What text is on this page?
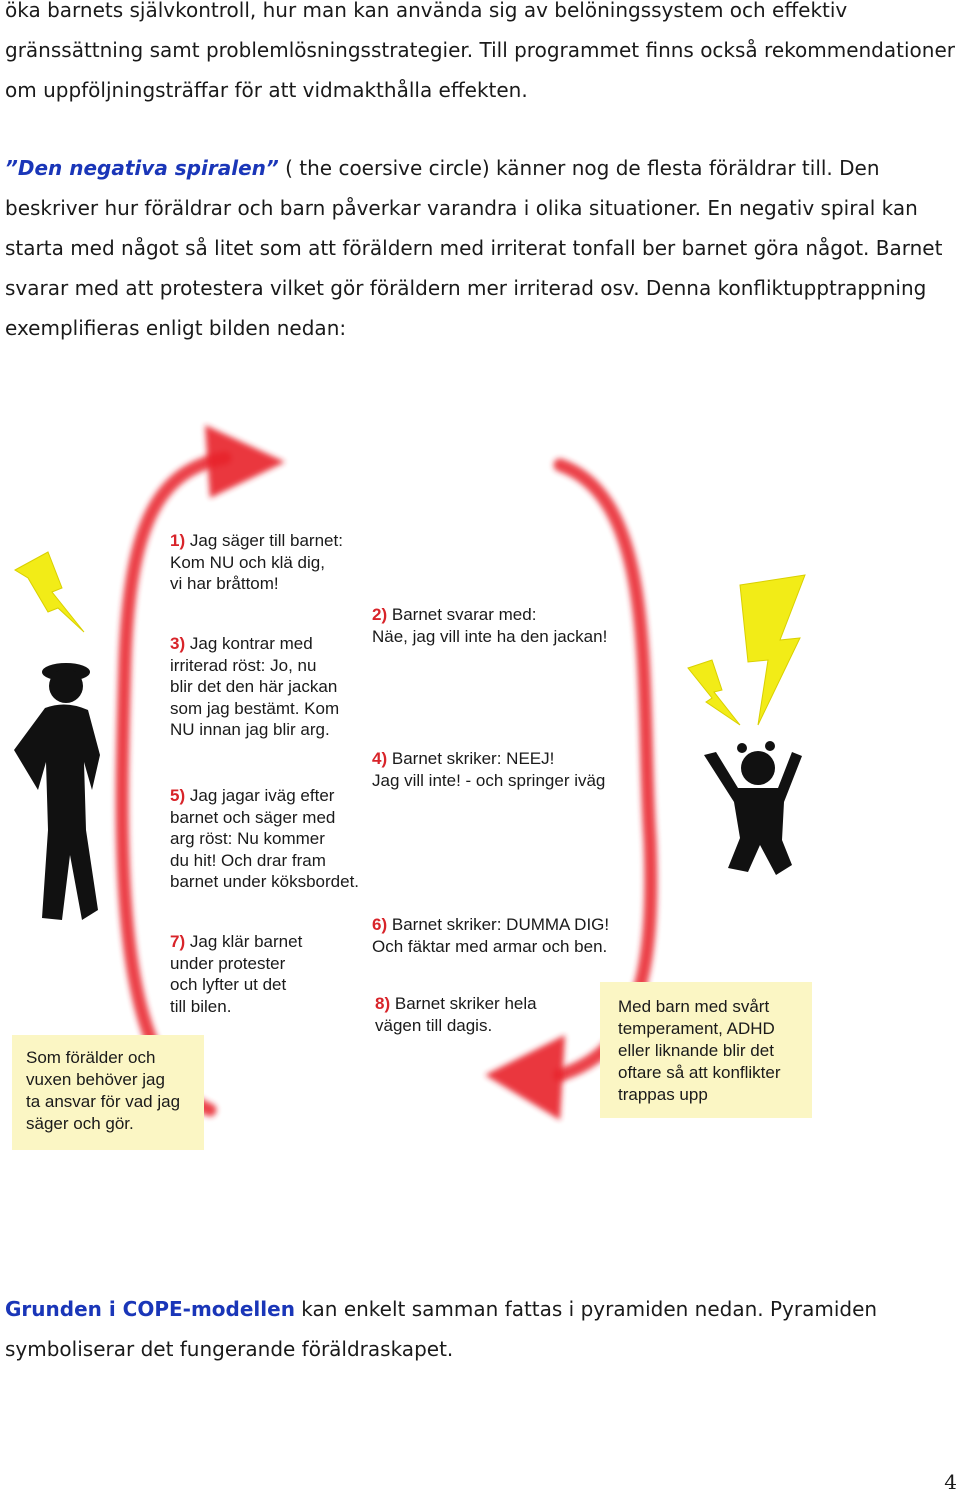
öka barnets självkontroll, hur man kan använda sig av belöningssystem och effektiv
gränssättning samt problemlösningsstrategier. Till programmet finns också rekommendationer
om uppföljningsträffar för att vidmakthålla effekten.

”Den negativa spiralen” ( the coersive circle) känner nog de flesta föräldrar till. Den
beskriver hur föräldrar och barn påverkar varandra i olika situationer. En negativ spiral kan
starta med något så litet som att föräldern med irriterat tonfall ber barnet göra något. Barnet
svarar med att protestera vilket gör föräldern mer irriterad osv. Denna konfliktupptrappning
exemplifieras enligt bilden nedan:

1) Jag säger till barnet:
Kom NU och klä dig,
vi har bråttom!
2) Barnet svarar med:
Näe, jag vill inte ha den jackan!
3) Jag kontrar med
irriterad röst: Jo, nu
blir det den här jackan
som jag bestämt. Kom
NU innan jag blir arg.
4) Barnet skriker: NEEJ!
Jag vill inte! - och springer iväg
5) Jag jagar iväg efter
barnet och säger med
arg röst: Nu kommer
du hit! Och drar fram
barnet under köksbordet.
6) Barnet skriker: DUMMA DIG!
Och fäktar med armar och ben.
7) Jag klär barnet
under protester
och lyfter ut det
till bilen.	8) Barnet skriker hela
vägen till dagis.
Som förälder och
vuxen behöver jag
ta ansvar för vad jag
säger och gör.
Med barn med svårt
temperament, ADHD
eller liknande blir det
oftare så att konflikter
trappas upp

Grunden i COPE-modellen kan enkelt samman fattas i pyramiden nedan. Pyramiden
symboliserar det fungerande föräldraskapet.

4
